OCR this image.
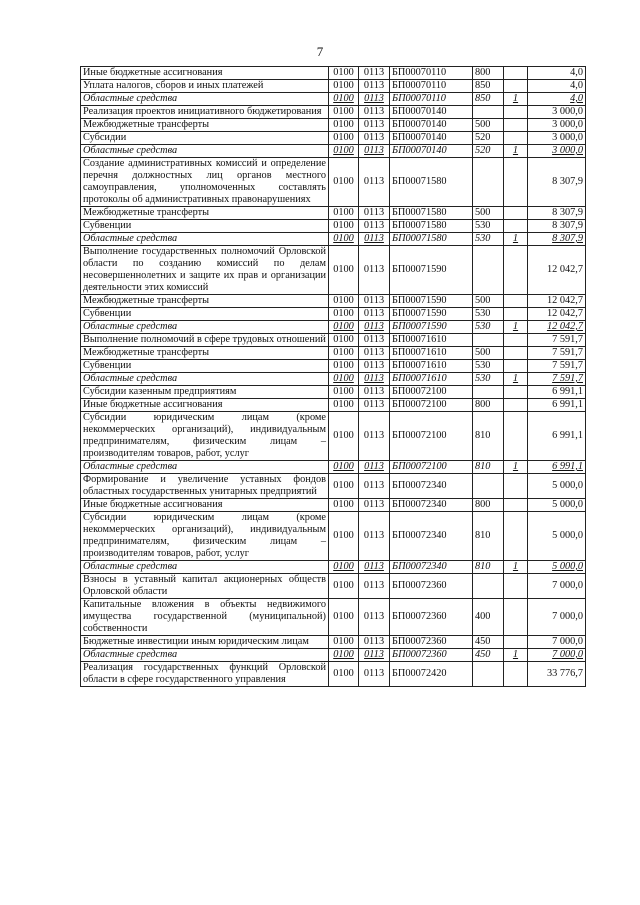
7
Иные бюджетные ассигнования	0100	0113	БП00070110	800		4,0
Уплата налогов, сборов и иных платежей	0100	0113	БП00070110	850		4,0
Областные средства	0100	0113	БП00070110	850	1	4,0
Реализация проектов инициативного бюджетирования	0100	0113	БП00070140			3 000,0
Межбюджетные трансферты	0100	0113	БП00070140	500		3 000,0
Субсидии	0100	0113	БП00070140	520		3 000,0
Областные средства	0100	0113	БП00070140	520	1	3 000,0
Создание административных комиссий и определение перечня должностных лиц органов местного самоуправления, уполномоченных составлять протоколы об административных правонарушениях	0100	0113	БП00071580			8 307,9
Межбюджетные трансферты	0100	0113	БП00071580	500		8 307,9
Субвенции	0100	0113	БП00071580	530		8 307,9
Областные средства	0100	0113	БП00071580	530	1	8 307,9
Выполнение государственных полномочий Орловской области по созданию комиссий по делам несовершеннолетних и защите их прав и организации деятельности этих комиссий	0100	0113	БП00071590			12 042,7
Межбюджетные трансферты	0100	0113	БП00071590	500		12 042,7
Субвенции	0100	0113	БП00071590	530		12 042,7
Областные средства	0100	0113	БП00071590	530	1	12 042,7
Выполнение полномочий в сфере трудовых отношений	0100	0113	БП00071610			7 591,7
Межбюджетные трансферты	0100	0113	БП00071610	500		7 591,7
Субвенции	0100	0113	БП00071610	530		7 591,7
Областные средства	0100	0113	БП00071610	530	1	7 591,7
Субсидии казенным предприятиям	0100	0113	БП00072100			6 991,1
Иные бюджетные ассигнования	0100	0113	БП00072100	800		6 991,1
Субсидии юридическим лицам (кроме некоммерческих организаций), индивидуальным предпринимателям, физическим лицам – производителям товаров, работ, услуг	0100	0113	БП00072100	810		6 991,1
Областные средства	0100	0113	БП00072100	810	1	6 991,1
Формирование и увеличение уставных фондов областных государственных унитарных предприятий	0100	0113	БП00072340			5 000,0
Иные бюджетные ассигнования	0100	0113	БП00072340	800		5 000,0
Субсидии юридическим лицам (кроме некоммерческих организаций), индивидуальным предпринимателям, физическим лицам – производителям товаров, работ, услуг	0100	0113	БП00072340	810		5 000,0
Областные средства	0100	0113	БП00072340	810	1	5 000,0
Взносы в уставный капитал акционерных обществ Орловской области	0100	0113	БП00072360			7 000,0
Капитальные вложения в объекты недвижимого имущества государственной (муниципальной) собственности	0100	0113	БП00072360	400		7 000,0
Бюджетные инвестиции иным юридическим лицам	0100	0113	БП00072360	450		7 000,0
Областные средства	0100	0113	БП00072360	450	1	7 000,0
Реализация государственных функций Орловской области в сфере государственного управления	0100	0113	БП00072420			33 776,7
